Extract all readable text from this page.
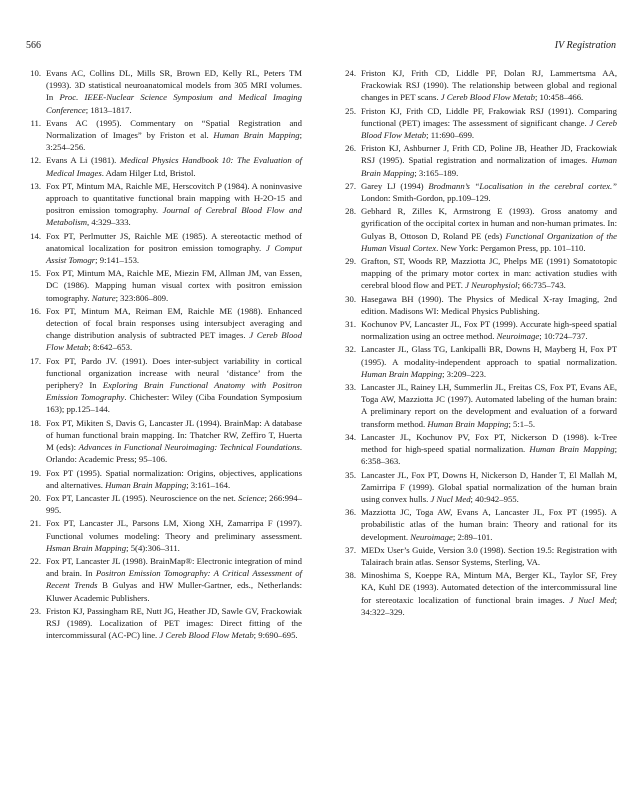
566	IV Registration
10. Evans AC, Collins DL, Mills SR, Brown ED, Kelly RL, Peters TM (1993). 3D statistical neuroanatomical models from 305 MRI volumes. In Proc. IEEE-Nuclear Science Symposium and Medical Imaging Conference; 1813–1817.
11. Evans AC (1995). Commentary on “Spatial Registration and Normalization of Images” by Friston et al. Human Brain Mapping; 3:254–256.
12. Evans A Li (1981). Medical Physics Handbook 10: The Evaluation of Medical Images. Adam Hilger Ltd, Bristol.
13. Fox PT, Mintum MA, Raichle ME, Herscovitch P (1984). A noninvasive approach to quantitative functional brain mapping with H-2O-15 and positron emission tomography. Journal of Cerebral Blood Flow and Metabolism, 4:329–333.
14. Fox PT, Perlmutter JS, Raichle ME (1985). A stereotactic method of anatomical localization for positron emission tomography. J Comput Assist Tomogr; 9:141–153.
15. Fox PT, Mintum MA, Raichle ME, Miezin FM, Allman JM, van Essen, DC (1986). Mapping human visual cortex with positron emission tomography. Nature; 323:806–809.
16. Fox PT, Mintum MA, Reiman EM, Raichle ME (1988). Enhanced detection of focal brain responses using intersubject averaging and change distribution analysis of subtracted PET images. J Cereb Blood Flow Metab; 8:642–653.
17. Fox PT, Pardo JV. (1991). Does inter-subject variability in cortical functional organization increase with neural ‘distance’ from the periphery? In Exploring Brain Functional Anatomy with Positron Emission Tomography. Chichester: Wiley (Ciba Foundation Symposium 163); pp.125–144.
18. Fox PT, Mikiten S, Davis G, Lancaster JL (1994). BrainMap: A database of human functional brain mapping. In: Thatcher RW, Zeffiro T, Huerta M (eds): Advances in Functional Neuroimaging: Technical Foundations. Orlando: Academic Press; 95–106.
19. Fox PT (1995). Spatial normalization: Origins, objectives, applications and alternatives. Human Brain Mapping; 3:161–164.
20. Fox PT, Lancaster JL (1995). Neuroscience on the net. Science; 266:994–995.
21. Fox PT, Lancaster JL, Parsons LM, Xiong XH, Zamarripa F (1997). Functional volumes modeling: Theory and preliminary assessment. Hsman Brain Mapping; 5(4):306–311.
22. Fox PT, Lancaster JL (1998). BrainMap®: Electronic integration of mind and brain. In Positron Emission Tomography: A Critical Assessment of Recent Trends B Gulyas and HW Muller-Gartner, eds., Netherlands: Kluwer Academic Publishers.
23. Friston KJ, Passingham RE, Nutt JG, Heather JD, Sawle GV, Frackowiak RSJ (1989). Localization of PET images: Direct fitting of the intercommissural (AC-PC) line. J Cereb Blood Flow Metab; 9:690–695.
24. Friston KJ, Frith CD, Liddle PF, Dolan RJ, Lammertsma AA, Frackowiak RSJ (1990). The relationship between global and regional changes in PET scans. J Cereb Blood Flow Metab; 10:458–466.
25. Friston KJ, Frith CD, Liddle PF, Frakowiak RSJ (1991). Comparing functional (PET) images: The assessment of significant change. J Cereb Blood Flow Metab; 11:690–699.
26. Friston KJ, Ashburner J, Frith CD, Poline JB, Heather JD, Frackowiak RSJ (1995). Spatial registration and normalization of images. Human Brain Mapping; 3:165–189.
27. Garey LJ (1994) Brodmann’s “Localisation in the cerebral cortex.” London: Smith-Gordon, pp.109–129.
28. Gebhard R, Zilles K, Armstrong E (1993). Gross anatomy and gyrification of the occipital cortex in human and non-human primates. In: Gulyas B, Ottoson D, Roland PE (eds) Functional Organization of the Human Visual Cortex. New York: Pergamon Press, pp. 101–110.
29. Grafton, ST, Woods RP, Mazziotta JC, Phelps ME (1991) Somatotopic mapping of the primary motor cortex in man: activation studies with cerebral blood flow and PET. J Neurophysiol; 66:735–743.
30. Hasegawa BH (1990). The Physics of Medical X-ray Imaging, 2nd edition. Madisons WI: Medical Physics Publishing.
31. Kochunov PV, Lancaster JL, Fox PT (1999). Accurate high-speed spatial normalization using an octree method. Neuroimage; 10:724–737.
32. Lancaster JL, Glass TG, Lankipalli BR, Downs H, Mayberg H, Fox PT (1995). A modality-independent approach to spatial normalization. Human Brain Mapping; 3:209–223.
33. Lancaster JL, Rainey LH, Summerlin JL, Freitas CS, Fox PT, Evans AE, Toga AW, Mazziotta JC (1997). Automated labeling of the human brain: A preliminary report on the development and evaluation of a forward transform method. Human Brain Mapping; 5:1–5.
34. Lancaster JL, Kochunov PV, Fox PT, Nickerson D (1998). k-Tree method for high-speed spatial normalization. Human Brain Mapping; 6:358–363.
35. Lancaster JL, Fox PT, Downs H, Nickerson D, Hander T, El Mallah M, Zamirripa F (1999). Global spatial normalization of the human brain using convex hulls. J Nucl Med; 40:942–955.
36. Mazziotta JC, Toga AW, Evans A, Lancaster JL, Fox PT (1995). A probabilistic atlas of the human brain: Theory and rational for its development. Neuroimage; 2:89–101.
37. MEDx User’s Guide, Version 3.0 (1998). Section 19.5: Registration with Talairach brain atlas. Sensor Systems, Sterling, VA.
38. Minoshima S, Koeppe RA, Mintum MA, Berger KL, Taylor SF, Frey KA, Kuhl DE (1993). Automated detection of the intercommissural line for stereotaxic localization of functional brain images. J Nucl Med; 34:322–329.
